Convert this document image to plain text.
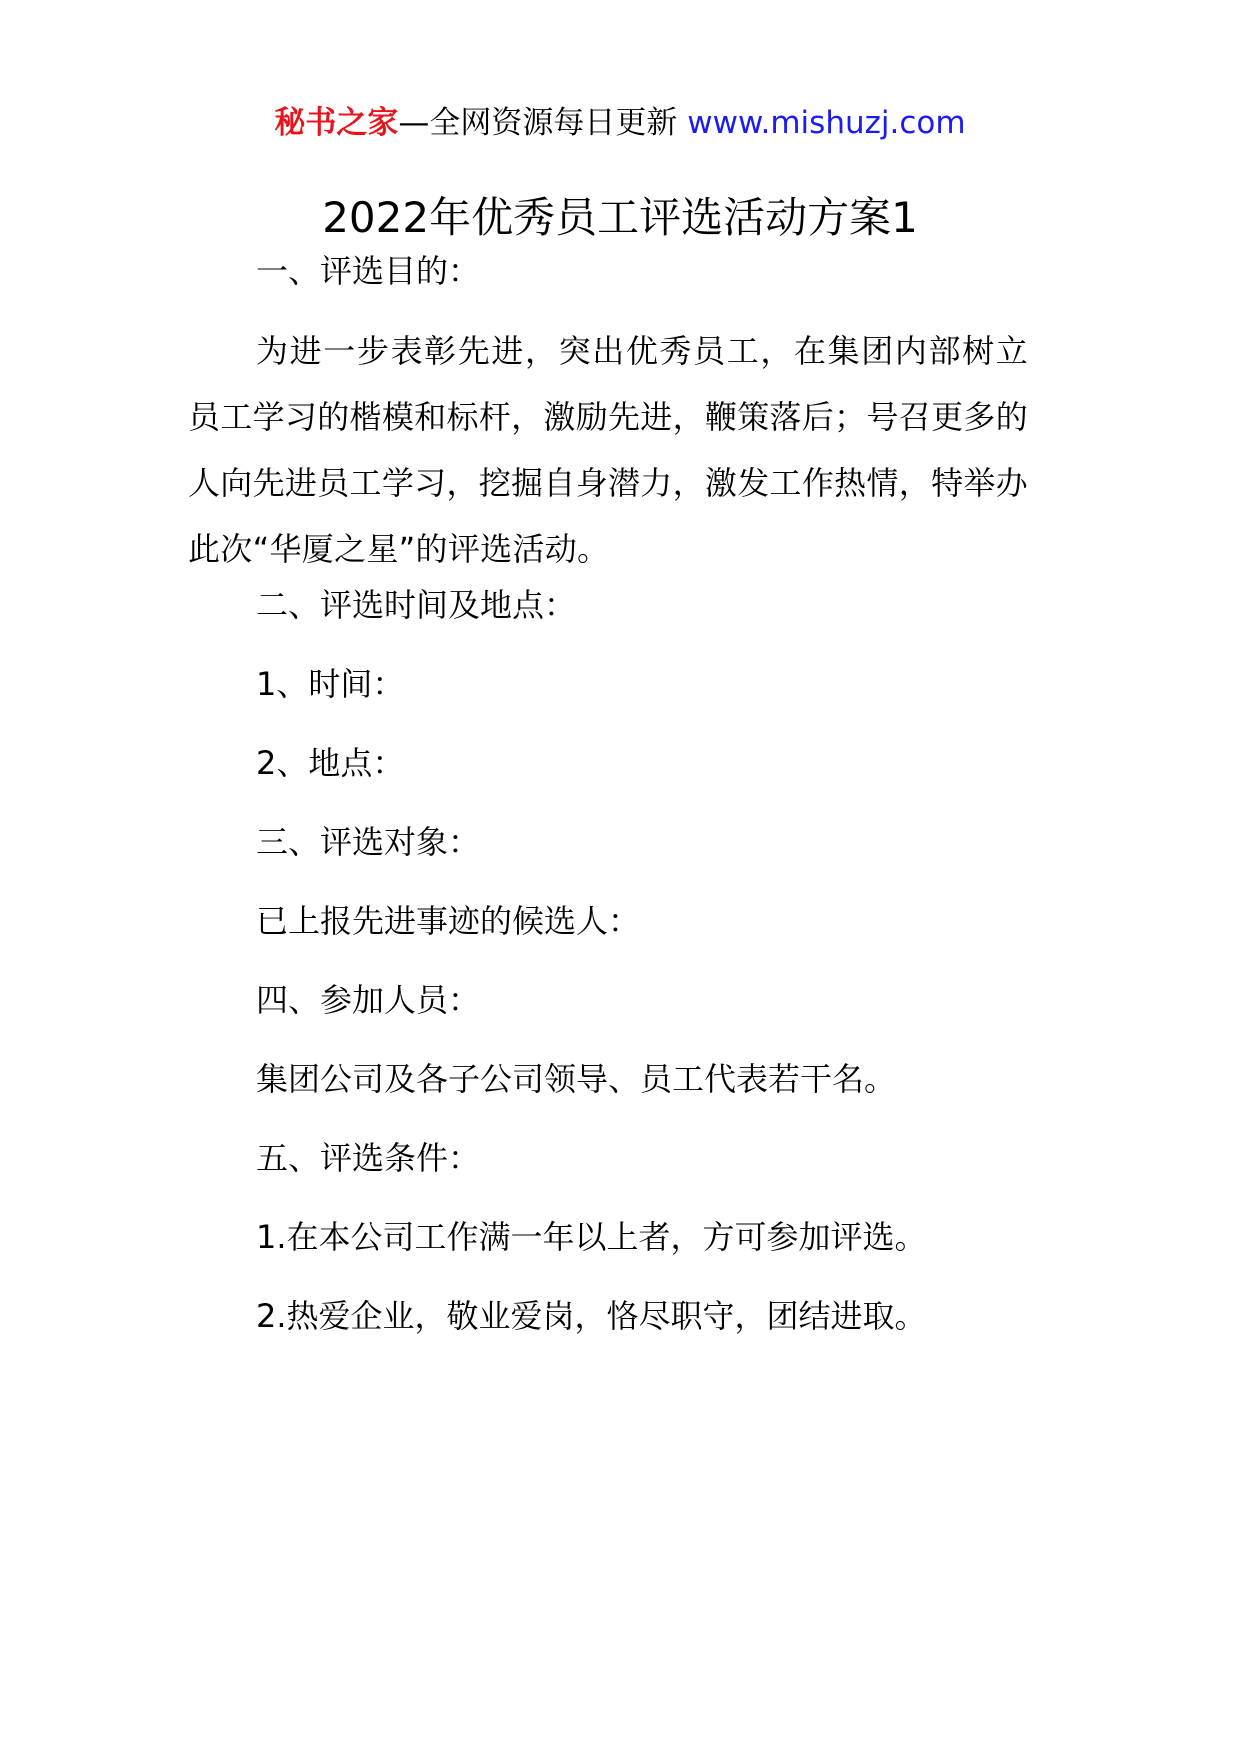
秘书之家—全网资源每日更新 www.mishuzj.com
2022年优秀员工评选活动方案1
一、评选目的：
为进一步表彰先进，突出优秀员工，在集团内部树立员工学习的楷模和标杆，激励先进，鞭策落后；号召更多的人向先进员工学习，挖掘自身潜力，激发工作热情，特举办此次“华厦之星”的评选活动。
二、评选时间及地点：
1、时间：
2、地点：
三、评选对象：
已上报先进事迹的候选人：
四、参加人员：
集团公司及各子公司领导、员工代表若干名。
五、评选条件：
1.在本公司工作满一年以上者，方可参加评选。
2.热爱企业，敬业爱岗，恪尽职守，团结进取。
